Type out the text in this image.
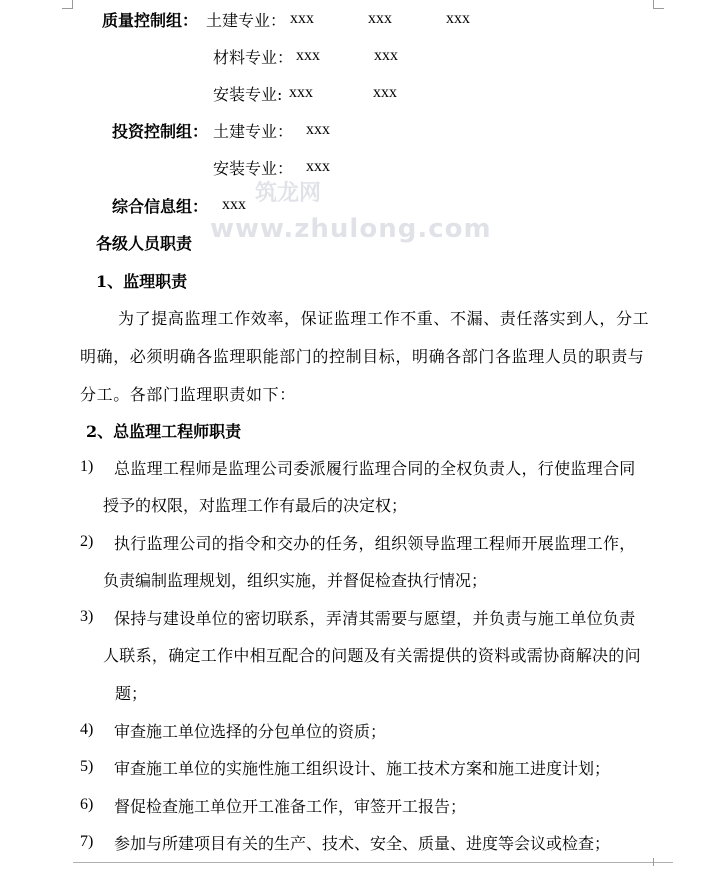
筑龙网
www.zhulong.com
质量控制组： 土建专业： xxx   xxx   xxx
材料专业： xxx   xxx
安装专业: xxx   xxx
投资控制组： 土建专业： xxx
安装专业： xxx
综合信息组： xxx
各级人员职责
1、监理职责
为了提高监理工作效率，保证监理工作不重、不漏、责任落实到人，分工
明确，必须明确各监理职能部门的控制目标，明确各部门各监理人员的职责与
分工。各部门监理职责如下：
2、总监理工程师职责
1) 总监理工程师是监理公司委派履行监理合同的全权负责人，行使监理合同
授予的权限，对监理工作有最后的决定权；
2) 执行监理公司的指令和交办的任务，组织领导监理工程师开展监理工作，
负责编制监理规划，组织实施，并督促检查执行情况；
3) 保持与建设单位的密切联系，弄清其需要与愿望，并负责与施工单位负责
人联系，确定工作中相互配合的问题及有关需提供的资料或需协商解决的问
题；
4) 审查施工单位选择的分包单位的资质；
5) 审查施工单位的实施性施工组织设计、施工技术方案和施工进度计划；
6) 督促检查施工单位开工准备工作，审签开工报告；
7) 参加与所建项目有关的生产、技术、安全、质量、进度等会议或检查；
